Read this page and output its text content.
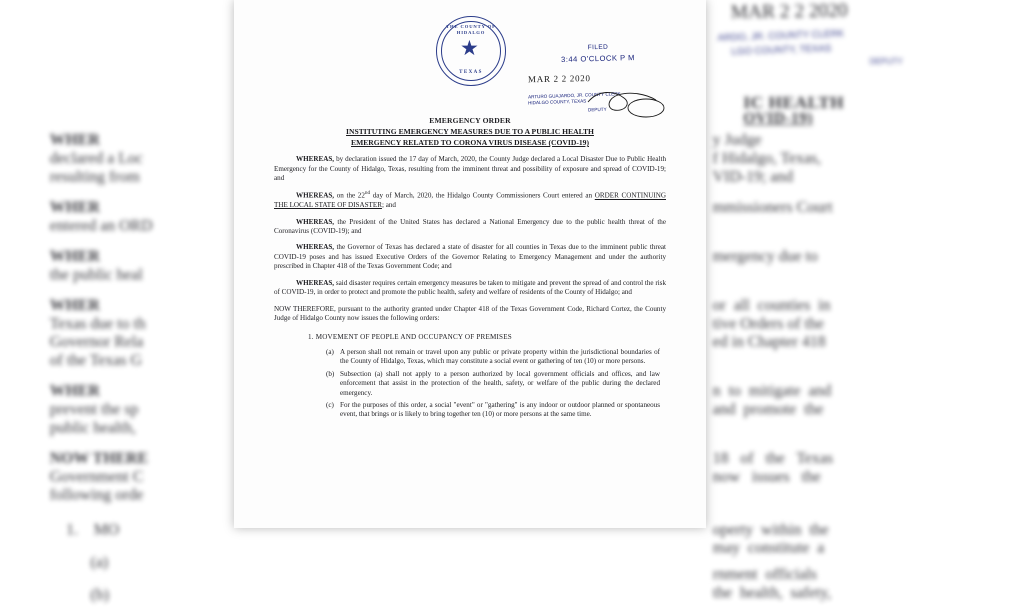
MAR 2 2 2020
ARDO, JR. COUNTY CLERK
LGO COUNTY, TEXAS
DEPUTY
IC HEALTH
OVID-19)
WHER
declared a Loc
resulting from
WHER
entered an ORD
WHER
the public heal
WHER
Texas due to th
Governor Rela
of the Texas G
WHER
prevent the sp
public health,
NOW THERE
Government C
following orde
1.    MO
(a)
(b)
y Judge
f Hidalgo, Texas,
VID-19; and
mmissioners Court
mergency due to
or  all  counties  in
tive Orders of the
ed in Chapter 418
n  to  mitigate  and
and  promote  the
18   of   the   Texas
now   issues   the
operty  within  the
may  constitute  a
rnment  officials
the  health,  safety,
THE COUNTY OF HIDALGO
★
TEXAS
FILED
3:44 O'CLOCK P M
MAR 2 2 2020
ARTURO GUAJARDO, JR. COUNTY CLERK
HIDALGO COUNTY, TEXAS
DEPUTY
EMERGENCY ORDER
INSTITUTING EMERGENCY MEASURES DUE TO A PUBLIC HEALTH
EMERGENCY RELATED TO CORONA VIRUS DISEASE (COVID-19)
WHEREAS, by declaration issued the 17 day of March, 2020, the County Judge declared a Local Disaster Due to Public Health Emergency for the County of Hidalgo, Texas, resulting from the imminent threat and possibility of exposure and spread of COVID-19; and
WHEREAS, on the 22nd day of March, 2020, the Hidalgo County Commissioners Court entered an ORDER CONTINUING THE LOCAL STATE OF DISASTER; and
WHEREAS, the President of the United States has declared a National Emergency due to the public health threat of the Coronavirus (COVID-19); and
WHEREAS, the Governor of Texas has declared a state of disaster for all counties in Texas due to the imminent public threat COVID-19 poses and has issued Executive Orders of the Governor Relating to Emergency Management and under the authority prescribed in Chapter 418 of the Texas Government Code; and
WHEREAS, said disaster requires certain emergency measures be taken to mitigate and prevent the spread of and control the risk of COVID-19, in order to protect and promote the public health, safety and welfare of residents of the County of Hidalgo; and
NOW THEREFORE, pursuant to the authority granted under Chapter 418 of the Texas Government Code, Richard Cortez, the County Judge of Hidalgo County now issues the following orders:
1. MOVEMENT OF PEOPLE AND OCCUPANCY OF PREMISES
(a) A person shall not remain or travel upon any public or private property within the jurisdictional boundaries of the County of Hidalgo, Texas, which may constitute a social event or gathering of ten (10) or more persons.
(b) Subsection (a) shall not apply to a person authorized by local government officials and offices, and law enforcement that assist in the protection of the health, safety, or welfare of the public during the declared emergency.
(c) For the purposes of this order, a social "event" or "gathering" is any indoor or outdoor planned or spontaneous event, that brings or is likely to bring together ten (10) or more persons at the same time.
